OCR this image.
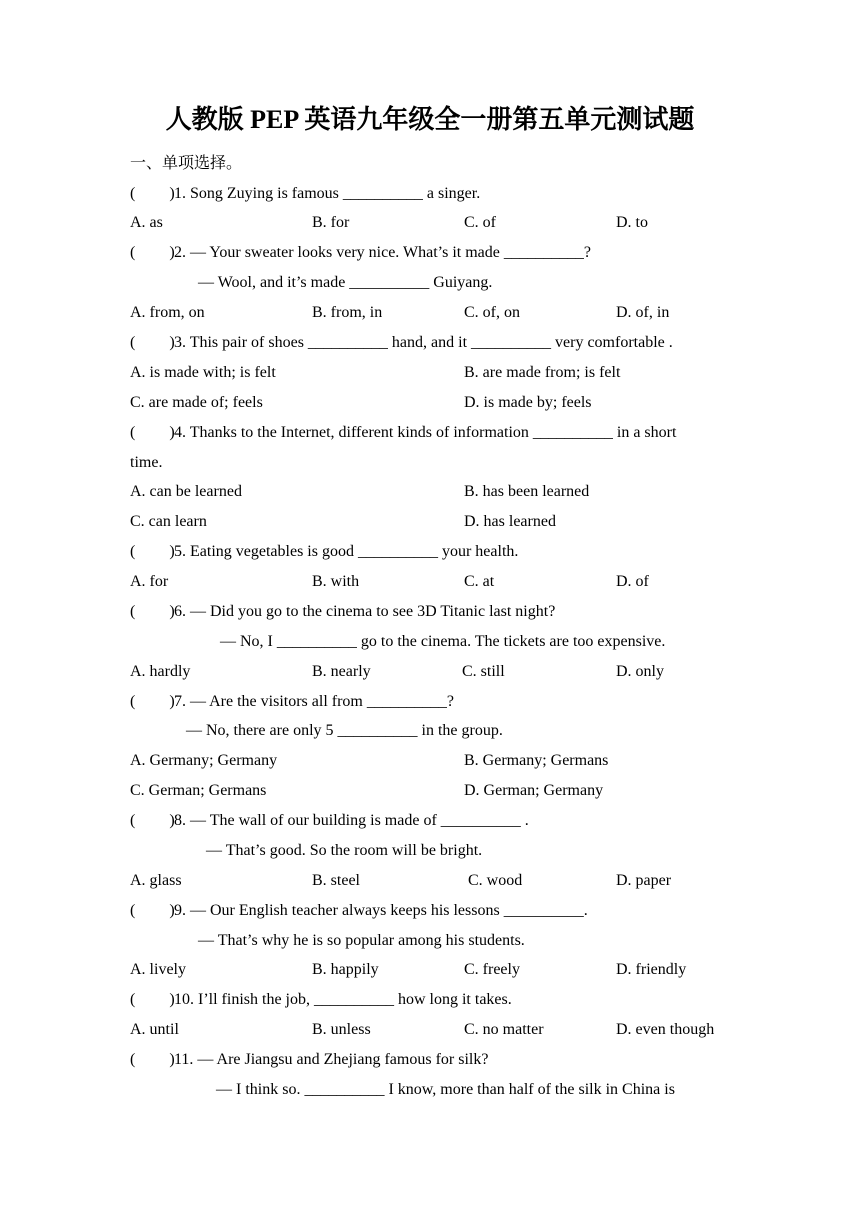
人教版 PEP 英语九年级全一册第五单元测试题
一、单项选择。
( )1. Song Zuying is famous __________ a singer.
A. as	B. for	C. of	D. to
( )2. — Your sweater looks very nice. What’s it made __________?
— Wool, and it’s made __________ Guiyang.
A. from, on	B. from, in	C. of, on	D. of, in
( )3. This pair of shoes __________ hand, and it __________ very comfortable .
A. is made with; is felt	B. are made from; is felt
C. are made of; feels	D. is made by; feels
( )4. Thanks to the Internet, different kinds of information __________ in a short
time.
A. can be learned	B. has been learned
C. can learn	D. has learned
( )5. Eating vegetables is good __________ your health.
A. for	B. with	C. at	D. of
( )6. — Did you go to the cinema to see 3D Titanic last night?
— No, I __________ go to the cinema. The tickets are too expensive.
A. hardly	B. nearly	C. still	D. only
( )7. — Are the visitors all from __________?
— No, there are only 5 __________ in the group.
A. Germany; Germany	B. Germany; Germans
C. German; Germans	D. German; Germany
( )8. — The wall of our building is made of __________ .
— That’s good. So the room will be bright.
A. glass	B. steel	C. wood	D. paper
( )9. — Our English teacher always keeps his lessons __________.
— That’s why he is so popular among his students.
A. lively	B. happily	C. freely	D. friendly
( )10. I’ll finish the job, __________ how long it takes.
A. until	B. unless	C. no matter	D. even though
( )11. — Are Jiangsu and Zhejiang famous for silk?
— I think so. __________ I know, more than half of the silk in China is
